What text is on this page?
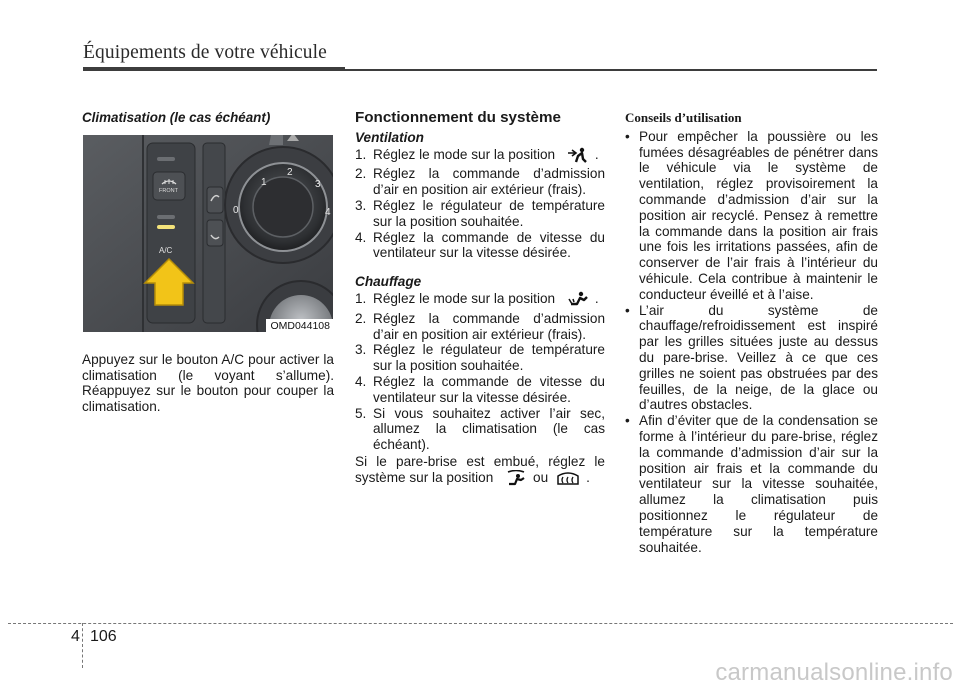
Équipements de votre véhicule
Climatisation (le cas échéant)

Appuyez sur le bouton A/C pour activer la climatisation (le voyant s’allume). Réappuyez sur le bouton pour couper la climatisation.

0
1
2
3
4
FRONT
A/C
OMD044108
Fonctionnement du système
Ventilation
1. Réglez le mode sur la position	.
2. Réglez la commande d’admission d’air en position air extérieur (frais).
3. Réglez le régulateur de température sur la position souhaitée.
4. Réglez la commande de vitesse du ventilateur sur la vitesse désirée.
Chauffage
1. Réglez le mode sur la position	.
2. Réglez la commande d’admission d’air en position air extérieur (frais).
3. Réglez le régulateur de température sur la position souhaitée.
4. Réglez la commande de vitesse du ventilateur sur la vitesse désirée.
5. Si vous souhaitez activer l’air sec, allumez la climatisation (le cas échéant).

Si le pare-brise est embué, réglez le système sur la position	ou	.

Conseils d’utilisation
• Pour empêcher la poussière ou les fumées désagréables de pénétrer dans le véhicule via le système de ventilation, réglez provisoirement la commande d’admission d’air sur la position air recyclé. Pensez à remettre la commande dans la position air frais une fois les irritations passées, afin de conserver de l’air frais à l’intérieur du véhicule. Cela contribue à maintenir le conducteur éveillé et à l’aise.
• L’air du système de chauffage/refroidissement est inspiré par les grilles situées juste au dessus du pare-brise. Veillez à ce que ces grilles ne soient pas obstruées par des feuilles, de la neige, de la glace ou d’autres obstacles.
• Afin d’éviter que de la condensation se forme à l’intérieur du pare-brise, réglez la commande d’admission d’air sur la position air frais et la commande du ventilateur sur la vitesse souhaitée, allumez la climatisation puis positionnez le régulateur de température sur la température souhaitée.
4 106
carmanualsonline.info
